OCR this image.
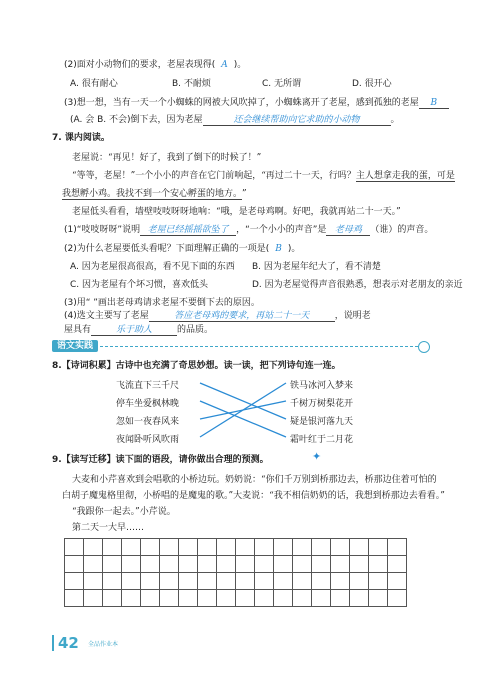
(2)面对小动物们的要求，老屋表现得( A )。
A. 很有耐心	B. 不耐烦	C. 无所谓	D. 很开心
(3)想一想，当有一天一个小蜘蛛的网被大风吹掉了，小蜘蛛离开了老屋，感到孤独的老屋 B
(A. 会 B. 不会)倒下去，因为老屋	还会继续帮助向它求助的小动物	。
7. 课内阅读。
老屋说：“再见！好了，我到了倒下的时候了！”
“等等，老屋！”一个小小的声音在它门前响起，“再过二十一天，行吗？主人想拿走我的蛋，可是
我想孵小鸡。我找不到一个安心孵蛋的地方。”
老屋低头看看，墙壁吱吱呀呀地响：“哦，是老母鸡啊。好吧，我就再站二十一天。”
(1)“吱吱呀呀”说明 老屋已经摇摇欲坠了 ，“一个小小的声音”是 老母鸡 （谁）的声音。
(2)为什么老屋要低头看呢？下面理解正确的一项是( B )。
A. 因为老屋很高很高，看不见下面的东西 B. 因为老屋年纪大了，看不清楚
C. 因为老屋有个坏习惯，喜欢低头	D. 因为老屋觉得声音很熟悉，想表示对老朋友的亲近
(3)用“ ”画出老母鸡请求老屋不要倒下去的原因。
(4)选文主要写了老屋	答应老母鸡的要求，再站二十一天	，说明老
语文实践
屋具有	乐于助人	的品质。
8.【诗词积累】古诗中也充满了奇思妙想。读一读，把下列诗句连一连。
飞流直下三千尺
停车坐爱枫林晚
忽如一夜春风来
夜闻卧听风吹雨
铁马冰河入梦来
千树万树梨花开
疑是银河落九天
霜叶红于二月花
9.【读写迁移】读下面的语段，请你做出合理的预测。	✦
大麦和小芹喜欢到会唱歌的小桥边玩。奶奶说：“你们千万别到桥那边去，桥那边住着可怕的
白胡子魔鬼格里彻，小桥唱的是魔鬼的歌。”大麦说：“我不相信奶奶的话，我想到桥那边去看看。”
“我跟你一起去。”小芹说。
第二天一大早……

42 全品作业本
